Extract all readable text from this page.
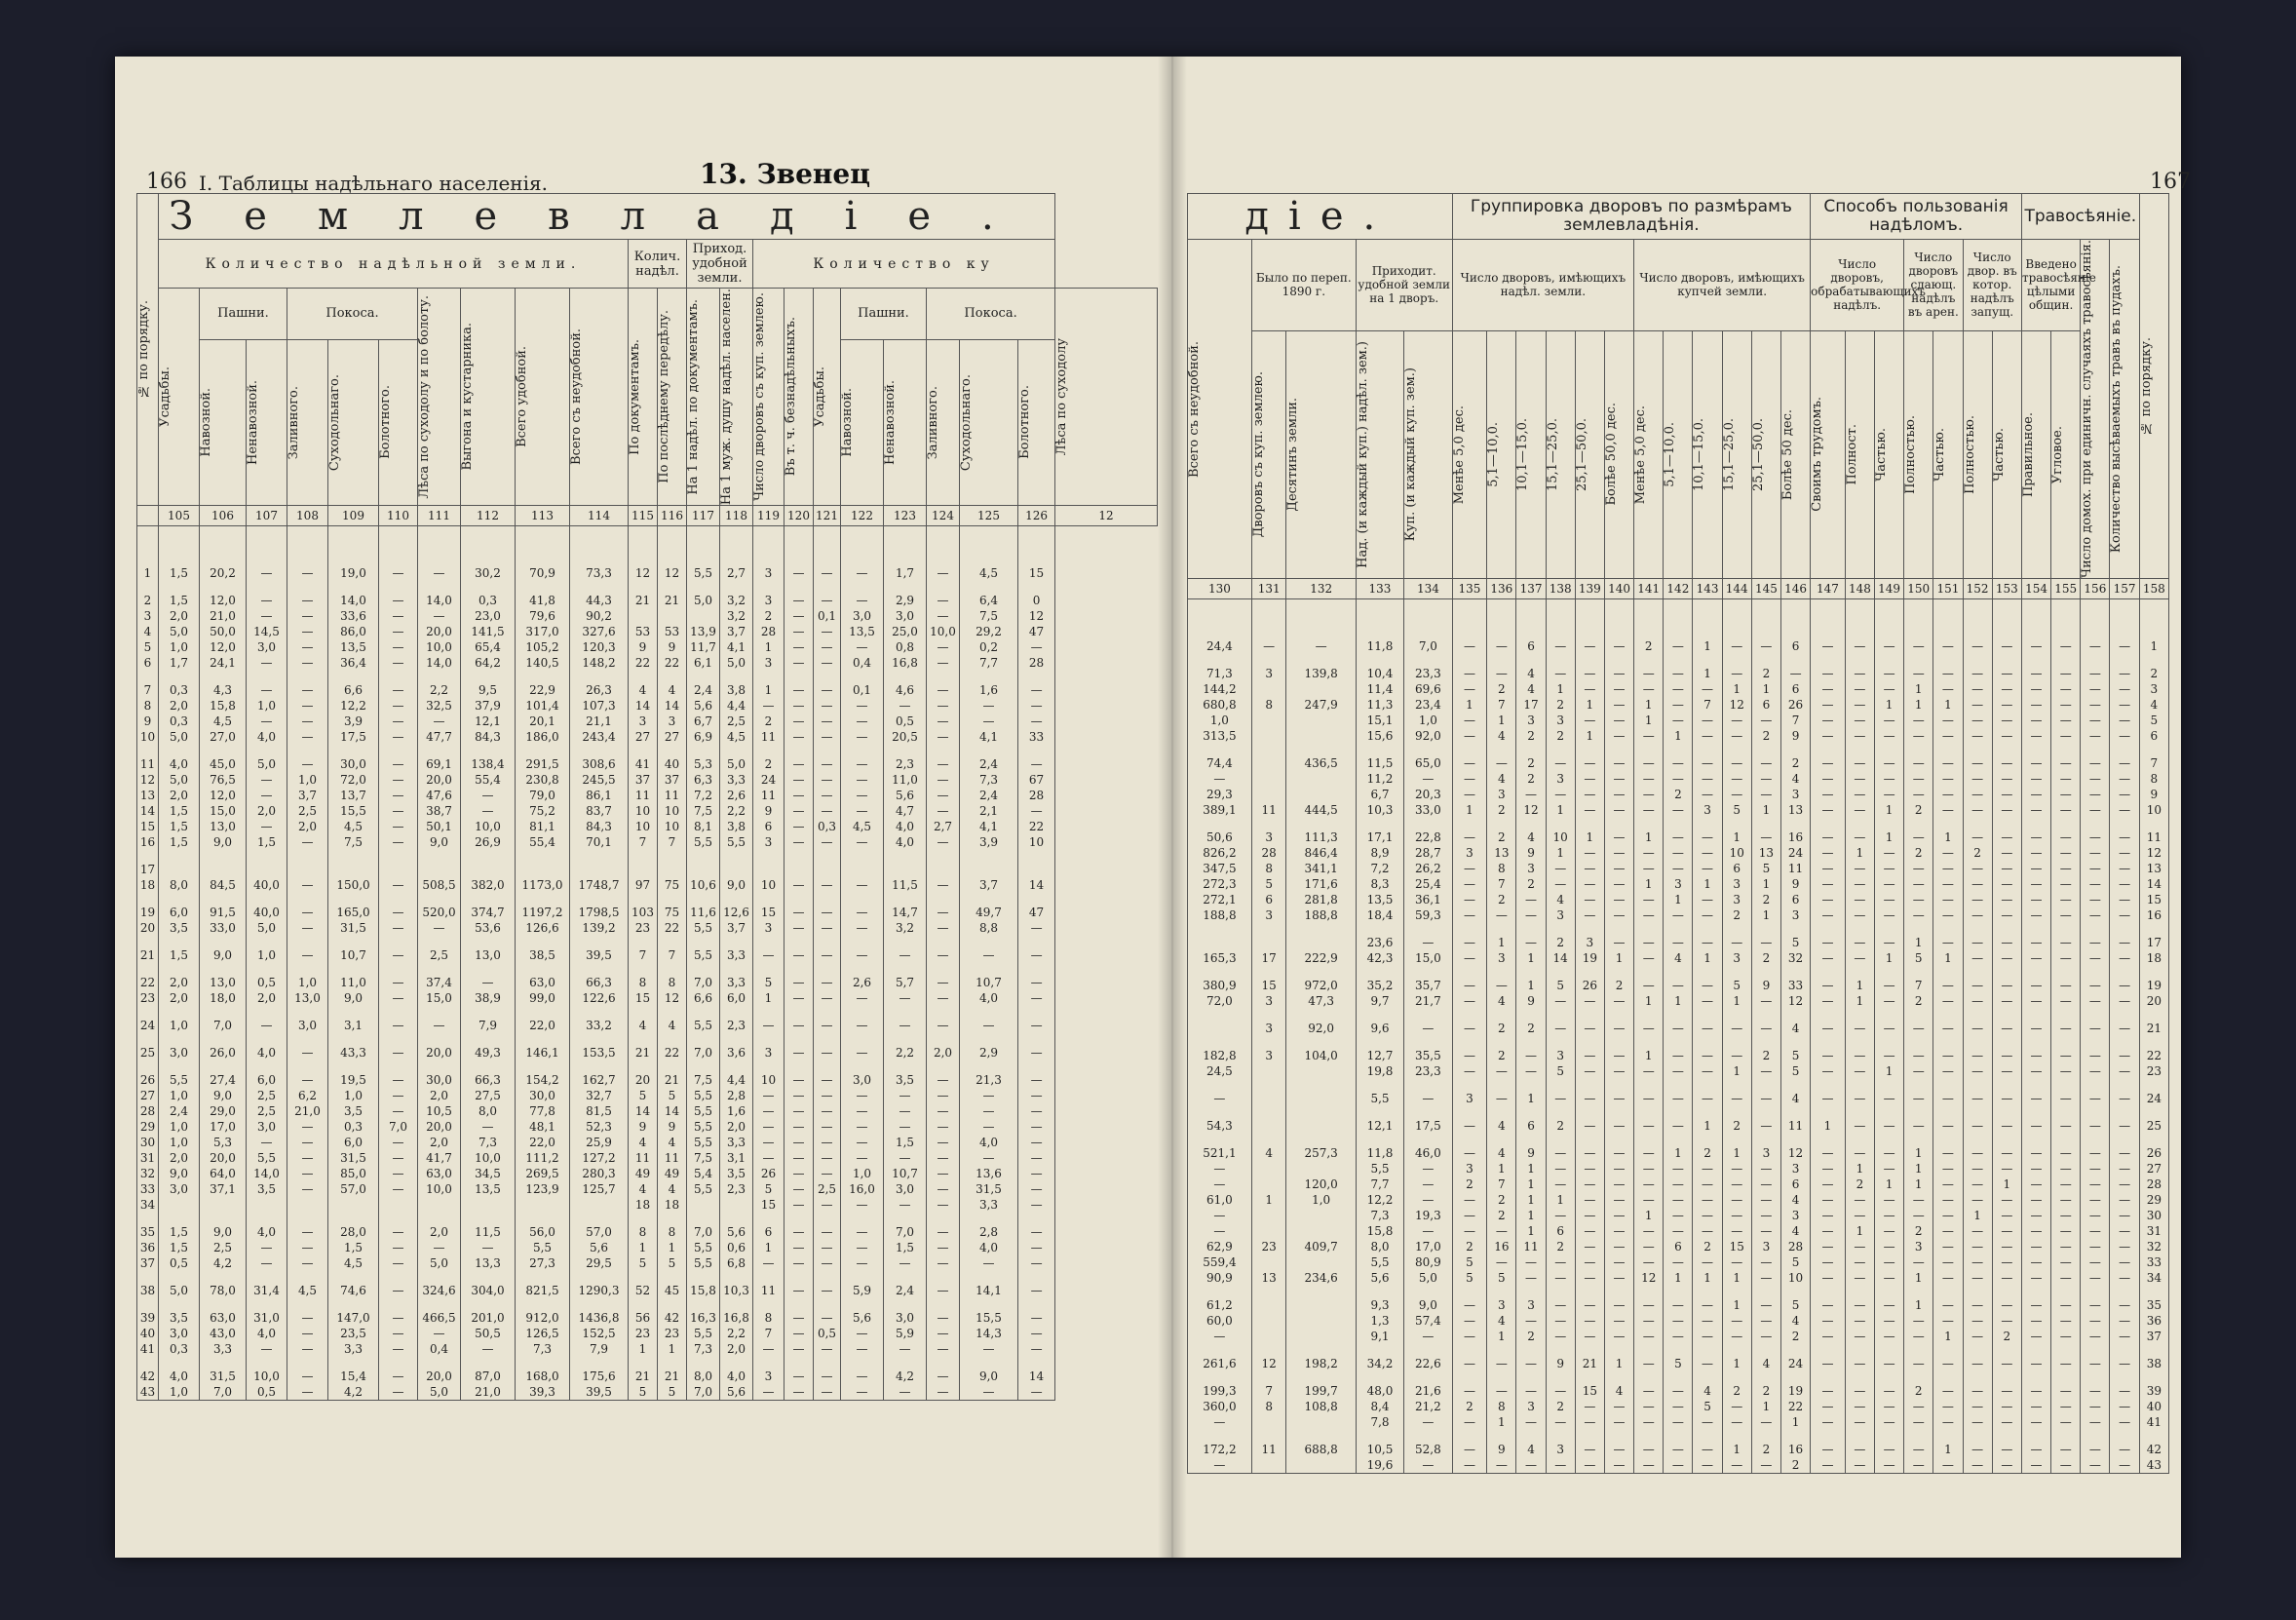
166 I. Таблицы надѣльнаго населенія.	13. Звенец
№ по порядку.	Землевладіе.																						
	Количество надѣльной земли.										Колич. надѣл.		Приход. удобной земли.		Количество ку								

	Усадьбы.	Пашни.		Покоса.			Лѣса по суходолу и по болоту.	Выгона и кустарника.	Всего удобной.	Всего съ неудобной.	По документамъ.	По послѣднему передѣлу.	На 1 надѣл. по документамъ.	На 1 муж. душу надѣл. населен.	Число дворовъ съ куп. землею.	Въ т. ч. безнадѣльныхъ.	Усадьбы.	Пашни.		Покоса.			Лѣса по суходолу

		Навозной.	Ненавозной.	Заливного.	Суходольнаго.	Болотного.												Навозной.	Ненавозной.	Заливного.	Суходольнаго.	Болотного.	

	105	106	107	108	109	110	111	112	113	114	115	116	117	118	119	120	121	122	123	124	125	126	12

1	1,5	20,2	—	—	19,0	—	—	30,2	70,9	73,3	12	12	5,5	2,7	3	—	—	—	1,7	—	4,5	15	

2	1,5	12,0	—	—	14,0	—	14,0	0,3	41,8	44,3	21	21	5,0	3,2	3	—	—	—	2,9	—	6,4	0	
3	2,0	21,0	—	—	33,6	—	—	23,0	79,6	90,2				3,2	2	—	0,1	3,0	3,0	—	7,5	12	
4	5,0	50,0	14,5	—	86,0	—	20,0	141,5	317,0	327,6	53	53	13,9	3,7	28	—	—	13,5	25,0	10,0	29,2	47	
5	1,0	12,0	3,0	—	13,5	—	10,0	65,4	105,2	120,3	9	9	11,7	4,1	1	—	—	—	0,8	—	0,2	—	
6	1,7	24,1	—	—	36,4	—	14,0	64,2	140,5	148,2	22	22	6,1	5,0	3	—	—	0,4	16,8	—	7,7	28	

7	0,3	4,3	—	—	6,6	—	2,2	9,5	22,9	26,3	4	4	2,4	3,8	1	—	—	0,1	4,6	—	1,6	—	
8	2,0	15,8	1,0	—	12,2	—	32,5	37,9	101,4	107,3	14	14	5,6	4,4	—	—	—	—	—	—	—	—	
9	0,3	4,5	—	—	3,9	—	—	12,1	20,1	21,1	3	3	6,7	2,5	2	—	—	—	0,5	—	—	—	
10	5,0	27,0	4,0	—	17,5	—	47,7	84,3	186,0	243,4	27	27	6,9	4,5	11	—	—	—	20,5	—	4,1	33	

11	4,0	45,0	5,0	—	30,0	—	69,1	138,4	291,5	308,6	41	40	5,3	5,0	2	—	—	—	2,3	—	2,4	—	
12	5,0	76,5	—	1,0	72,0	—	20,0	55,4	230,8	245,5	37	37	6,3	3,3	24	—	—	—	11,0	—	7,3	67	
13	2,0	12,0	—	3,7	13,7	—	47,6	—	79,0	86,1	11	11	7,2	2,6	11	—	—	—	5,6	—	2,4	28	
14	1,5	15,0	2,0	2,5	15,5	—	38,7	—	75,2	83,7	10	10	7,5	2,2	9	—	—	—	4,7	—	2,1	—	
15	1,5	13,0	—	2,0	4,5	—	50,1	10,0	81,1	84,3	10	10	8,1	3,8	6	—	0,3	4,5	4,0	2,7	4,1	22	
16	1,5	9,0	1,5	—	7,5	—	9,0	26,9	55,4	70,1	7	7	5,5	5,5	3	—	—	—	4,0	—	3,9	10	

17																							
18	8,0	84,5	40,0	—	150,0	—	508,5	382,0	1173,0	1748,7	97	75	10,6	9,0	10	—	—	—	11,5	—	3,7	14	

19	6,0	91,5	40,0	—	165,0	—	520,0	374,7	1197,2	1798,5	103	75	11,6	12,6	15	—	—	—	14,7	—	49,7	47	
20	3,5	33,0	5,0	—	31,5	—	—	53,6	126,6	139,2	23	22	5,5	3,7	3	—	—	—	3,2	—	8,8	—	

21	1,5	9,0	1,0	—	10,7	—	2,5	13,0	38,5	39,5	7	7	5,5	3,3	—	—	—	—	—	—	—	—	

22	2,0	13,0	0,5	1,0	11,0	—	37,4	—	63,0	66,3	8	8	7,0	3,3	5	—	—	2,6	5,7	—	10,7	—	
23	2,0	18,0	2,0	13,0	9,0	—	15,0	38,9	99,0	122,6	15	12	6,6	6,0	1	—	—	—	—	—	4,0	—	

24	1,0	7,0	—	3,0	3,1	—	—	7,9	22,0	33,2	4	4	5,5	2,3	—	—	—	—	—	—	—	—	

25	3,0	26,0	4,0	—	43,3	—	20,0	49,3	146,1	153,5	21	22	7,0	3,6	3	—	—	—	2,2	2,0	2,9	—	

26	5,5	27,4	6,0	—	19,5	—	30,0	66,3	154,2	162,7	20	21	7,5	4,4	10	—	—	3,0	3,5	—	21,3	—	
27	1,0	9,0	2,5	6,2	1,0	—	2,0	27,5	30,0	32,7	5	5	5,5	2,8	—	—	—	—	—	—	—	—	
28	2,4	29,0	2,5	21,0	3,5	—	10,5	8,0	77,8	81,5	14	14	5,5	1,6	—	—	—	—	—	—	—	—	
29	1,0	17,0	3,0	—	0,3	7,0	20,0	—	48,1	52,3	9	9	5,5	2,0	—	—	—	—	—	—	—	—	
30	1,0	5,3	—	—	6,0	—	2,0	7,3	22,0	25,9	4	4	5,5	3,3	—	—	—	—	1,5	—	4,0	—	
31	2,0	20,0	5,5	—	31,5	—	41,7	10,0	111,2	127,2	11	11	7,5	3,1	—	—	—	—	—	—	—	—	
32	9,0	64,0	14,0	—	85,0	—	63,0	34,5	269,5	280,3	49	49	5,4	3,5	26	—	—	1,0	10,7	—	13,6	—	
33	3,0	37,1	3,5	—	57,0	—	10,0	13,5	123,9	125,7	4	4	5,5	2,3	5	—	2,5	16,0	3,0	—	31,5	—	
34											18	18			15	—	—	—	—	—	3,3	—	

35	1,5	9,0	4,0	—	28,0	—	2,0	11,5	56,0	57,0	8	8	7,0	5,6	6	—	—	—	7,0	—	2,8	—	
36	1,5	2,5	—	—	1,5	—	—	—	5,5	5,6	1	1	5,5	0,6	1	—	—	—	1,5	—	4,0	—	
37	0,5	4,2	—	—	4,5	—	5,0	13,3	27,3	29,5	5	5	5,5	6,8	—	—	—	—	—	—	—	—	

38	5,0	78,0	31,4	4,5	74,6	—	324,6	304,0	821,5	1290,3	52	45	15,8	10,3	11	—	—	5,9	2,4	—	14,1	—	

39	3,5	63,0	31,0	—	147,0	—	466,5	201,0	912,0	1436,8	56	42	16,3	16,8	8	—	—	5,6	3,0	—	15,5	—	
40	3,0	43,0	4,0	—	23,5	—	—	50,5	126,5	152,5	23	23	5,5	2,2	7	—	0,5	—	5,9	—	14,3	—	
41	0,3	3,3	—	—	3,3	—	0,4	—	7,3	7,9	1	1	7,3	2,0	—	—	—	—	—	—	—	—	

42	4,0	31,5	10,0	—	15,4	—	20,0	87,0	168,0	175,6	21	21	8,0	4,0	3	—	—	—	4,2	—	9,0	14	
43	1,0	7,0	0,5	—	4,2	—	5,0	21,0	39,3	39,5	5	5	7,0	5,6	—	—	—	—	—	—	—	—	
167
дiе.					Группировка дворовъ по размѣрамъ землевладѣнія.												Способъ пользованія надѣломъ.							Травосѣяніе.				№ по порядку.

Всего съ неудобной.	Было по переп. 1890 г.		Приходит. удобной земли на 1 дворъ.		Число дворовъ, имѣющихъ надѣл. земли.						Число дворовъ, имѣющихъ купчей земли.						Число дворовъ, обрабатывающихъ надѣлъ.			Число дворовъ сдающ. надѣлъ въ арен.		Число двор. въ котор. надѣлъ запущ.		Введено травосѣяніе цѣлыми общин.		Число домох. при единичн. случаяхъ травосѣянія.	Количество высѣваемыхъ травъ въ пудахъ.	

	Дворовъ съ куп. землею.	Десятинъ земли.	Над. (и каждый куп.) надѣл. зем.)	Куп. (и каждый куп. зем.)	Менѣе 5,0 дес.	5,1—10,0.	10,1—15,0.	15,1—25,0.	25,1—50,0.	Болѣе 50,0 дес.	Менѣе 5,0 дес.	5,1—10,0.	10,1—15,0.	15,1—25,0.	25,1—50,0.	Болѣе 50 дес.	Своимъ трудомъ.	Полност.	Частью.	Полностью.	Частью.	Полностью.	Частью.	Правильное.	Угловое.			

130	131	132	133	134	135	136	137	138	139	140	141	142	143	144	145	146	147	148	149	150	151	152	153	154	155	156	157	158

24,4	—	—	11,8	7,0	—	—	6	—	—	—	2	—	1	—	—	6	—	—	—	—	—	—	—	—	—	—	—	1

71,3	3	139,8	10,4	23,3	—	—	4	—	—	—	—	—	1	—	2	—	—	—	—	—	—	—	—	—	—	—	—	2
144,2			11,4	69,6	—	2	4	1	—	—	—	—	—	1	1	6	—	—	—	1	—	—	—	—	—	—	—	3
680,8	8	247,9	11,3	23,4	1	7	17	2	1	—	1	—	7	12	6	26	—	—	1	1	1	—	—	—	—	—	—	4
1,0			15,1	1,0	—	1	3	3	—	—	1	—	—	—	—	7	—	—	—	—	—	—	—	—	—	—	—	5
313,5			15,6	92,0	—	4	2	2	1	—	—	1	—	—	2	9	—	—	—	—	—	—	—	—	—	—	—	6

74,4		436,5	11,5	65,0	—	—	2	—	—	—	—	—	—	—	—	2	—	—	—	—	—	—	—	—	—	—	—	7
—			11,2	—	—	4	2	3	—	—	—	—	—	—	—	4	—	—	—	—	—	—	—	—	—	—	—	8
29,3			6,7	20,3	—	3	—	—	—	—	—	2	—	—	—	3	—	—	—	—	—	—	—	—	—	—	—	9
389,1	11	444,5	10,3	33,0	1	2	12	1	—	—	—	—	3	5	1	13	—	—	1	2	—	—	—	—	—	—	—	10

50,6	3	111,3	17,1	22,8	—	2	4	10	1	—	1	—	—	1	—	16	—	—	1	—	1	—	—	—	—	—	—	11
826,2	28	846,4	8,9	28,7	3	13	9	1	—	—	—	—	—	10	13	24	—	1	—	2	—	2	—	—	—	—	—	12
347,5	8	341,1	7,2	26,2	—	8	3	—	—	—	—	—	—	6	5	11	—	—	—	—	—	—	—	—	—	—	—	13
272,3	5	171,6	8,3	25,4	—	7	2	—	—	—	1	3	1	3	1	9	—	—	—	—	—	—	—	—	—	—	—	14
272,1	6	281,8	13,5	36,1	—	2	—	4	—	—	—	1	—	3	2	6	—	—	—	—	—	—	—	—	—	—	—	15
188,8	3	188,8	18,4	59,3	—	—	—	3	—	—	—	—	—	2	1	3	—	—	—	—	—	—	—	—	—	—	—	16

			23,6	—	—	1	—	2	3	—	—	—	—	—	—	5	—	—	—	1	—	—	—	—	—	—	—	17
165,3	17	222,9	42,3	15,0	—	3	1	14	19	1	—	4	1	3	2	32	—	—	1	5	1	—	—	—	—	—	—	18

380,9	15	972,0	35,2	35,7	—	—	1	5	26	2	—	—	—	5	9	33	—	1	—	7	—	—	—	—	—	—	—	19
72,0	3	47,3	9,7	21,7	—	4	9	—	—	—	1	1	—	1	—	12	—	1	—	2	—	—	—	—	—	—	—	20

	3	92,0	9,6	—	—	2	2	—	—	—	—	—	—	—	—	4	—	—	—	—	—	—	—	—	—	—	—	21

182,8	3	104,0	12,7	35,5	—	2	—	3	—	—	1	—	—	—	2	5	—	—	—	—	—	—	—	—	—	—	—	22
24,5			19,8	23,3	—	—	—	5	—	—	—	—	—	1	—	5	—	—	1	—	—	—	—	—	—	—	—	23

—			5,5	—	3	—	1	—	—	—	—	—	—	—	—	4	—	—	—	—	—	—	—	—	—	—	—	24

54,3			12,1	17,5	—	4	6	2	—	—	—	—	1	2	—	11	1	—	—	—	—	—	—	—	—	—	—	25

521,1	4	257,3	11,8	46,0	—	4	9	—	—	—	—	1	2	1	3	12	—	—	—	1	—	—	—	—	—	—	—	26
—			5,5	—	3	1	1	—	—	—	—	—	—	—	—	3	—	1	—	1	—	—	—	—	—	—	—	27
—		120,0	7,7	—	2	7	1	—	—	—	—	—	—	—	—	6	—	2	1	1	—	—	1	—	—	—	—	28
61,0	1	1,0	12,2	—	—	2	1	1	—	—	—	—	—	—	—	4	—	—	—	—	—	—	—	—	—	—	—	29
—			7,3	19,3	—	2	1	—	—	—	1	—	—	—	—	3	—	—	—	—	—	1	—	—	—	—	—	30
—			15,8	—	—	—	1	6	—	—	—	—	—	—	—	4	—	1	—	2	—	—	—	—	—	—	—	31
62,9	23	409,7	8,0	17,0	2	16	11	2	—	—	—	6	2	15	3	28	—	—	—	3	—	—	—	—	—	—	—	32
559,4			5,5	80,9	5	—	—	—	—	—	—	—	—	—	—	5	—	—	—	—	—	—	—	—	—	—	—	33
90,9	13	234,6	5,6	5,0	5	5	—	—	—	—	12	1	1	1	—	10	—	—	—	1	—	—	—	—	—	—	—	34

61,2			9,3	9,0	—	3	3	—	—	—	—	—	—	1	—	5	—	—	—	1	—	—	—	—	—	—	—	35
60,0			1,3	57,4	—	4	—	—	—	—	—	—	—	—	—	4	—	—	—	—	—	—	—	—	—	—	—	36
—			9,1	—	—	1	2	—	—	—	—	—	—	—	—	2	—	—	—	—	1	—	2	—	—	—	—	37

261,6	12	198,2	34,2	22,6	—	—	—	9	21	1	—	5	—	1	4	24	—	—	—	—	—	—	—	—	—	—	—	38

199,3	7	199,7	48,0	21,6	—	—	—	—	15	4	—	—	4	2	2	19	—	—	—	2	—	—	—	—	—	—	—	39
360,0	8	108,8	8,4	21,2	2	8	3	2	—	—	—	—	5	—	1	22	—	—	—	—	—	—	—	—	—	—	—	40
—			7,8	—	—	1	—	—	—	—	—	—	—	—	—	1	—	—	—	—	—	—	—	—	—	—	—	41

172,2	11	688,8	10,5	52,8	—	9	4	3	—	—	—	—	—	1	2	16	—	—	—	—	1	—	—	—	—	—	—	42
—			19,6	—	—	—	—	—	—	—	—	—	—	—	—	2	—	—	—	—	—	—	—	—	—	—	—	43
